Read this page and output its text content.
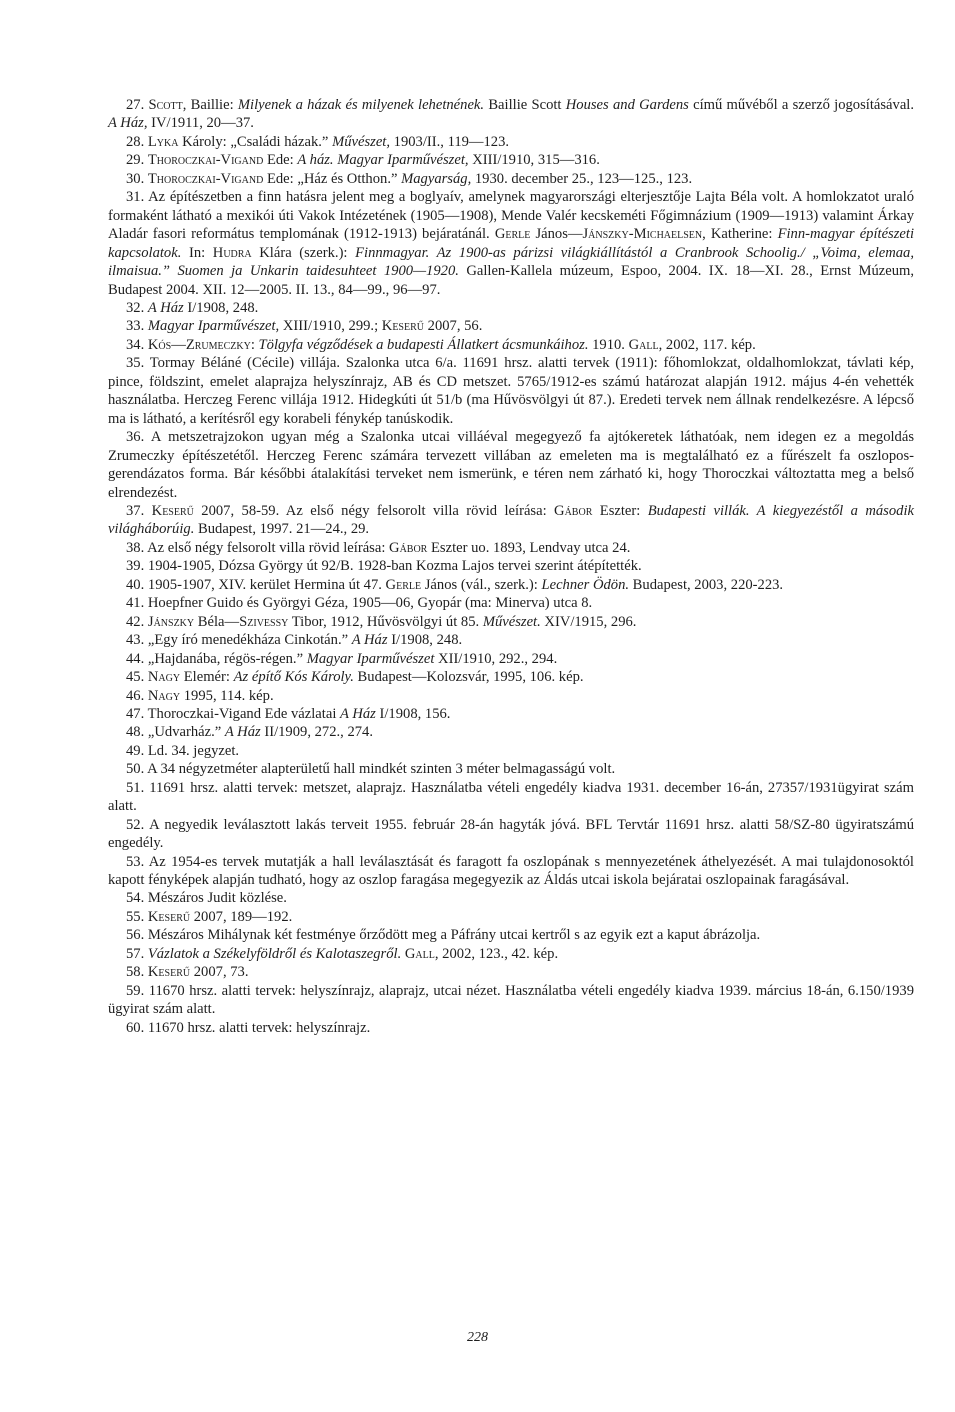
27. Scott, Baillie: Milyenek a házak és milyenek lehetnének. Baillie Scott Houses and Gardens című művéből a szerző jogosításával. A Ház, IV/1911, 20—37.

28. Lyka Károly: „Családi házak.” Művészet, 1903/II., 119—123.

29. Thoroczkai-Vigand Ede: A ház. Magyar Iparművészet, XIII/1910, 315—316.

30. Thoroczkai-Vigand Ede: „Ház és Otthon.” Magyarság, 1930. december 25., 123—125., 123.

31. Az építészetben a finn hatásra jelent meg a boglyaív, amelynek magyarországi elterjesztője Lajta Béla volt. A homlokzatot uraló formaként látható a mexikói úti Vakok Intézetének (1905—1908), Mende Valér kecskeméti Főgimnázium (1909—1913) valamint Árkay Aladár fasori református templomának (1912-1913) bejáratánál. Gerle János—Jánszky-Michaelsen, Katherine: Finn-magyar építészeti kapcsolatok. In: Hudra Klára (szerk.): Finnmagyar. Az 1900-as párizsi világkiállítástól a Cranbrook Schoolig./ „Voima, elemaa, ilmaisua.” Suomen ja Unkarin taidesuhteet 1900—1920. Gallen-Kallela múzeum, Espoo, 2004. IX. 18—XI. 28., Ernst Múzeum, Budapest 2004. XII. 12—2005. II. 13., 84—99., 96—97.

32. A Ház I/1908, 248.

33. Magyar Iparművészet, XIII/1910, 299.; Keserű 2007, 56.

34. Kós—Zrumeczky: Tölgyfa végződések a budapesti Állatkert ácsmunkáihoz. 1910. Gall, 2002, 117. kép.

35. Tormay Béláné (Cécile) villája. Szalonka utca 6/a. 11691 hrsz. alatti tervek (1911): főhomlokzat, oldalhomlokzat, távlati kép, pince, földszint, emelet alaprajza helyszínrajz, AB és CD metszet. 5765/1912-es számú határozat alapján 1912. május 4-én vehették használatba. Herczeg Ferenc villája 1912. Hidegkúti út 51/b (ma Hűvösvölgyi út 87.). Eredeti tervek nem állnak rendelkezésre. A lépcső ma is látható, a kerítésről egy korabeli fénykép tanúskodik.

36. A metszetrajzokon ugyan még a Szalonka utcai villáéval megegyező fa ajtókeretek láthatóak, nem idegen ez a megoldás Zrumeczky építészetétől. Herczeg Ferenc számára tervezett villában az emeleten ma is megtalálható ez a fűrészelt fa oszlopos-gerendázatos forma. Bár későbbi átalakítási terveket nem ismerünk, e téren nem zárható ki, hogy Thoroczkai változtatta meg a belső elrendezést.

37. Keserű 2007, 58-59. Az első négy felsorolt villa rövid leírása: Gábor Eszter: Budapesti villák. A kiegyezéstől a második világháborúig. Budapest, 1997. 21—24., 29.

38. Az első négy felsorolt villa rövid leírása: Gábor Eszter uo. 1893, Lendvay utca 24.

39. 1904-1905, Dózsa György út 92/B. 1928-ban Kozma Lajos tervei szerint átépítették.

40. 1905-1907, XIV. kerület Hermina út 47. Gerle János (vál., szerk.): Lechner Ödön. Budapest, 2003, 220-223.

41. Hoepfner Guido és Györgyi Géza, 1905—06, Gyopár (ma: Minerva) utca 8.

42. Jánszky Béla—Szivessy Tibor, 1912, Hűvösvölgyi út 85. Művészet. XIV/1915, 296.

43. „Egy író menedékháza Cinkotán.” A Ház I/1908, 248.

44. „Hajdanába, régös-régen.” Magyar Iparművészet XII/1910, 292., 294.

45. Nagy Elemér: Az építő Kós Károly. Budapest—Kolozsvár, 1995, 106. kép.

46. Nagy 1995, 114. kép.

47. Thoroczkai-Vigand Ede vázlatai A Ház I/1908, 156.

48. „Udvarház.” A Ház II/1909, 272., 274.

49. Ld. 34. jegyzet.

50. A 34 négyzetméter alapterületű hall mindkét szinten 3 méter belmagasságú volt.

51. 11691 hrsz. alatti tervek: metszet, alaprajz. Használatba vételi engedély kiadva 1931. december 16-án, 27357/1931ügyirat szám alatt.

52. A negyedik leválasztott lakás terveit 1955. február 28-án hagyták jóvá. BFL Tervtár 11691 hrsz. alatti 58/SZ-80 ügyiratszámú engedély.

53. Az 1954-es tervek mutatják a hall leválasztását és faragott fa oszlopának s mennyezetének áthelyezését. A mai tulajdonosoktól kapott fényképek alapján tudható, hogy az oszlop faragása megegyezik az Áldás utcai iskola bejáratai oszlopainak faragásával.

54. Mészáros Judit közlése.

55. Keserű 2007, 189—192.

56. Mészáros Mihálynak két festménye őrződött meg a Páfrány utcai kertről s az egyik ezt a kaput ábrázolja.

57. Vázlatok a Székelyföldről és Kalotaszegről. Gall, 2002, 123., 42. kép.

58. Keserű 2007, 73.

59. 11670 hrsz. alatti tervek: helyszínrajz, alaprajz, utcai nézet. Használatba vételi engedély kiadva 1939. március 18-án, 6.150/1939 ügyirat szám alatt.

60. 11670 hrsz. alatti tervek: helyszínrajz.

228
